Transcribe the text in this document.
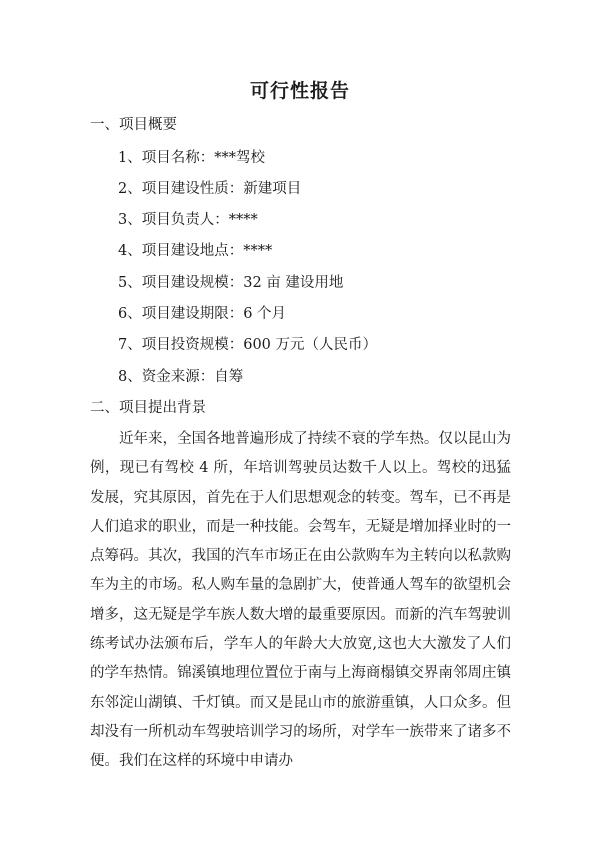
可行性报告
一、项目概要
1、项目名称：***驾校
2、项目建设性质：新建项目
3、项目负责人：****
4、项目建设地点：****
5、项目建设规模：32 亩 建设用地
6、项目建设期限：6 个月
7、项目投资规模：600 万元（人民币）
8、资金来源：自筹
二、项目提出背景
近年来，全国各地普遍形成了持续不衰的学车热。仅以昆山为例，现已有驾校 4 所，年培训驾驶员达数千人以上。驾校的迅猛发展，究其原因，首先在于人们思想观念的转变。驾车，已不再是人们追求的职业，而是一种技能。会驾车，无疑是增加择业时的一点筹码。其次，我国的汽车市场正在由公款购车为主转向以私款购车为主的市场。私人购车量的急剧扩大，使普通人驾车的欲望机会增多，这无疑是学车族人数大增的最重要原因。而新的汽车驾驶训练考试办法颁布后，学车人的年龄大大放宽,这也大大激发了人们的学车热情。锦溪镇地理位置位于南与上海商榻镇交界南邻周庄镇东邻淀山湖镇、千灯镇。而又是昆山市的旅游重镇，人口众多。但却没有一所机动车驾驶培训学习的场所，对学车一族带来了诸多不便。我们在这样的环境中申请办
